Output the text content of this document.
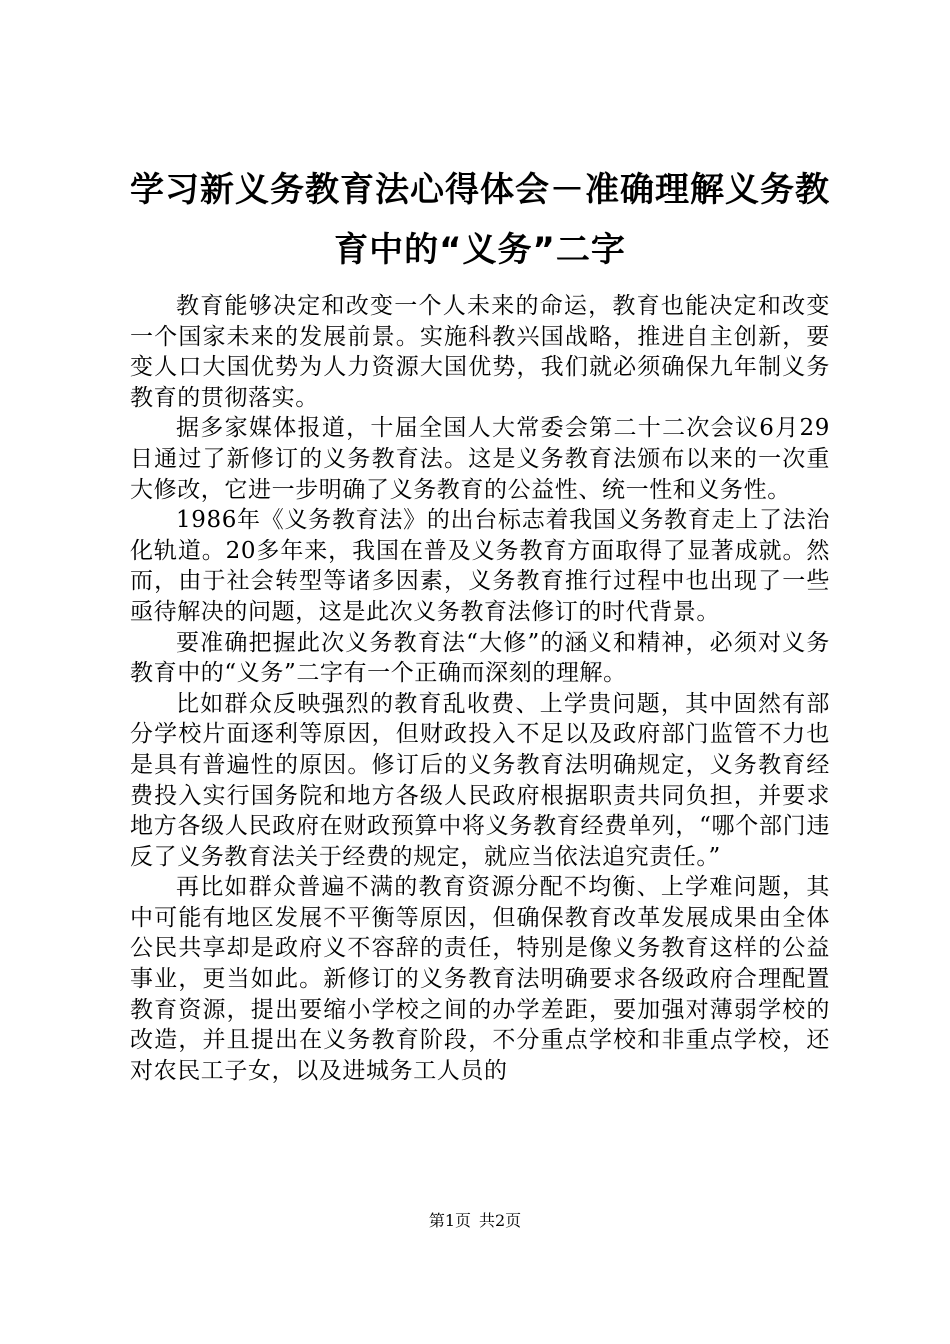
学习新义务教育法心得体会－准确理解义务教育中的“义务”二字

教育能够决定和改变一个人未来的命运，教育也能决定和改变一个国家未来的发展前景。实施科教兴国战略，推进自主创新，要变人口大国优势为人力资源大国优势，我们就必须确保九年制义务教育的贯彻落实。

据多家媒体报道，十届全国人大常委会第二十二次会议6月29日通过了新修订的义务教育法。这是义务教育法颁布以来的一次重大修改，它进一步明确了义务教育的公益性、统一性和义务性。

1986年《义务教育法》的出台标志着我国义务教育走上了法治化轨道。20多年来，我国在普及义务教育方面取得了显著成就。然而，由于社会转型等诸多因素，义务教育推行过程中也出现了一些亟待解决的问题，这是此次义务教育法修订的时代背景。

要准确把握此次义务教育法“大修”的涵义和精神，必须对义务教育中的“义务”二字有一个正确而深刻的理解。

比如群众反映强烈的教育乱收费、上学贵问题，其中固然有部分学校片面逐利等原因，但财政投入不足以及政府部门监管不力也是具有普遍性的原因。修订后的义务教育法明确规定，义务教育经费投入实行国务院和地方各级人民政府根据职责共同负担，并要求地方各级人民政府在财政预算中将义务教育经费单列，“哪个部门违反了义务教育法关于经费的规定，就应当依法追究责任。”

再比如群众普遍不满的教育资源分配不均衡、上学难问题，其中可能有地区发展不平衡等原因，但确保教育改革发展成果由全体公民共享却是政府义不容辞的责任，特别是像义务教育这样的公益事业，更当如此。新修订的义务教育法明确要求各级政府合理配置教育资源，提出要缩小学校之间的办学差距，要加强对薄弱学校的改造，并且提出在义务教育阶段，不分重点学校和非重点学校，还对农民工子女，以及进城务工人员的

第1页 共2页
